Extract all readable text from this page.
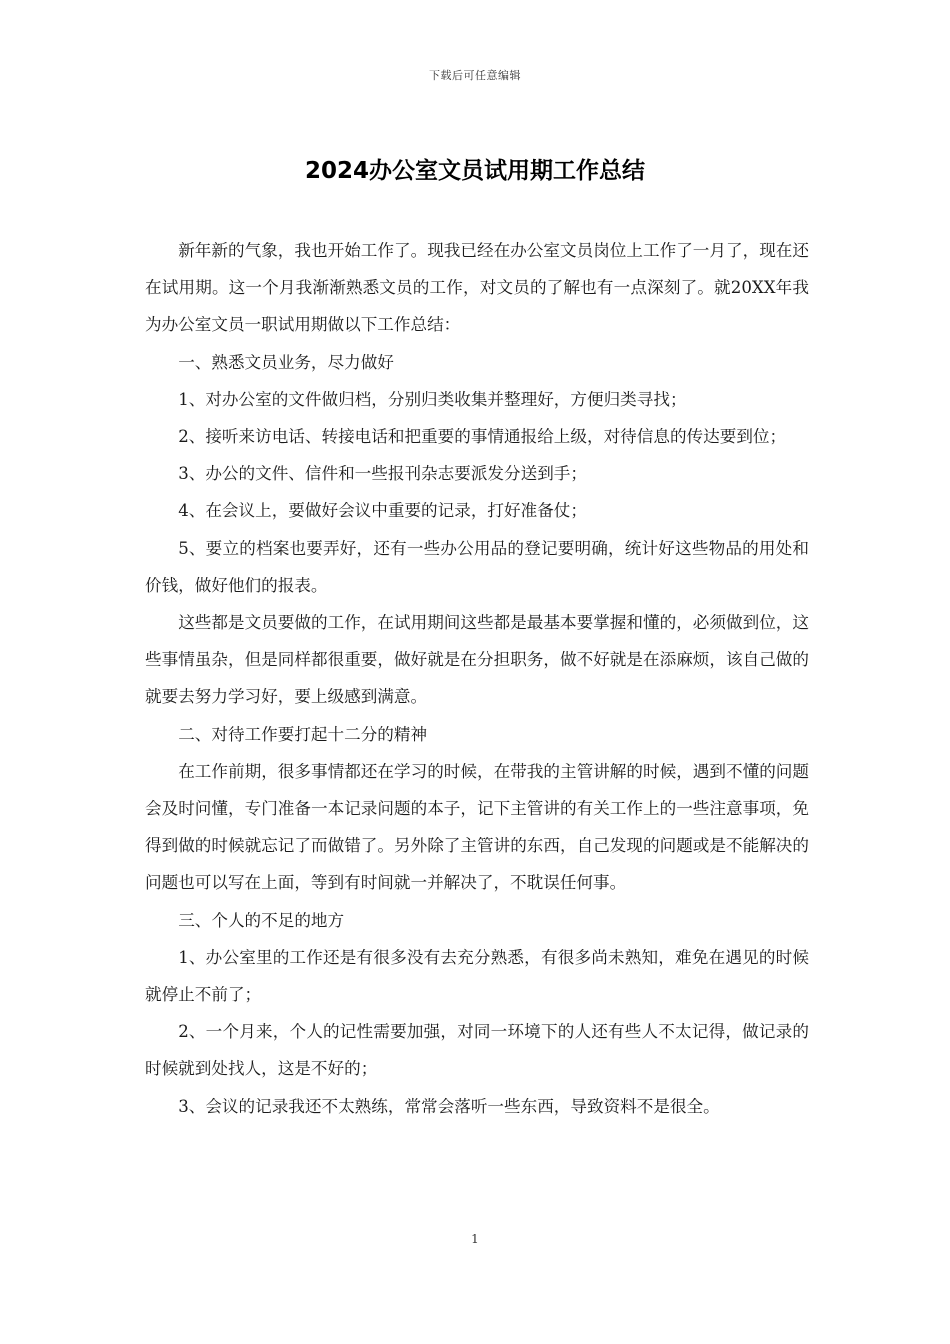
下载后可任意编辑
2024办公室文员试用期工作总结

新年新的气象，我也开始工作了。现我已经在办公室文员岗位上工作了一月了，现在还在试用期。这一个月我渐渐熟悉文员的工作，对文员的了解也有一点深刻了。就20XX年我为办公室文员一职试用期做以下工作总结：

一、熟悉文员业务，尽力做好

1、对办公室的文件做归档，分别归类收集并整理好，方便归类寻找；

2、接听来访电话、转接电话和把重要的事情通报给上级，对待信息的传达要到位；

3、办公的文件、信件和一些报刊杂志要派发分送到手；

4、在会议上，要做好会议中重要的记录，打好准备仗；

5、要立的档案也要弄好，还有一些办公用品的登记要明确，统计好这些物品的用处和价钱，做好他们的报表。

这些都是文员要做的工作，在试用期间这些都是最基本要掌握和懂的，必须做到位，这些事情虽杂，但是同样都很重要，做好就是在分担职务，做不好就是在添麻烦，该自己做的就要去努力学习好，要上级感到满意。

二、对待工作要打起十二分的精神

在工作前期，很多事情都还在学习的时候，在带我的主管讲解的时候，遇到不懂的问题会及时问懂，专门准备一本记录问题的本子，记下主管讲的有关工作上的一些注意事项，免得到做的时候就忘记了而做错了。另外除了主管讲的东西，自己发现的问题或是不能解决的问题也可以写在上面，等到有时间就一并解决了，不耽误任何事。

三、个人的不足的地方

1、办公室里的工作还是有很多没有去充分熟悉，有很多尚未熟知，难免在遇见的时候就停止不前了；

2、一个月来，个人的记性需要加强，对同一环境下的人还有些人不太记得，做记录的时候就到处找人，这是不好的；

3、会议的记录我还不太熟练，常常会落听一些东西，导致资料不是很全。

1
